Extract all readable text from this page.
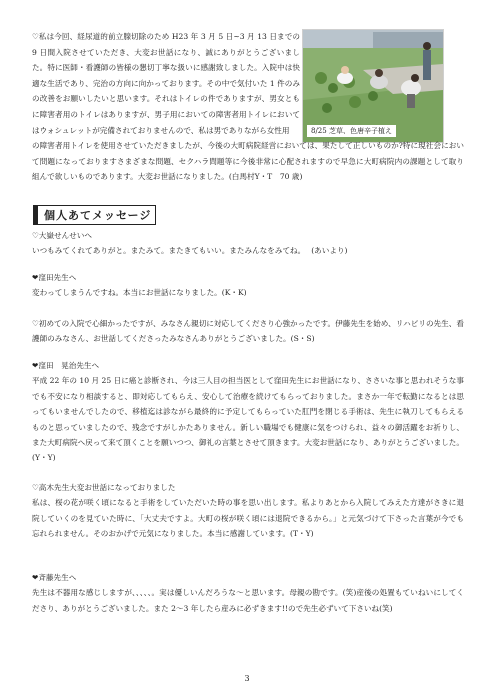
♡私は今回、経尿道的前立腺切除のため H23 年 3 月 5 日~3 月 13 日までの 9 日間入院させていただき、大変お世話になり、誠にありがとうございました。特に医師・看護師の皆様の懇切丁寧な扱いに感謝致しました。入院中は快適な生活であり、完治の方向に向かっております。その中で気付いた 1 件のみの改善をお願いしたいと思います。それはトイレの件でありますが、男女ともに障害者用のトイレはありますが、男子用においての障害者用トイレにおいてはウォシュレットが完備されておりませんので、私は男でありながら女性用	8/25 芝草、色唐辛子植え
の障害者用トイレを使用させていただきましたが、今後の大町病院経営においては、果たして正しいものか?特に現社会において問題になっておりますさまざまな問題、セクハラ問題等に今後非常に心配されますので早急に大町病院内の課題として取り組んで欲しいものであります。大変お世話になりました。(白馬村Y・T　70 歳)
個人あてメッセージ

♡大嶽せんせいへ

いつもみてくれてありがと。またみて。またきてもいい。またみんなをみてね。 (あいより)

❤窪田先生へ

変わってしまうんですね。本当にお世話になりました。(K・K)

♡初めての入院で心細かったですが、みなさん親切に対応してくださり心強かったです。伊藤先生を始め、リハビリの先生、看護師のみなさん、お世話してくださったみなさんありがとうございました。(S・S)

❤窪田　晃治先生へ

平成 22 年の 10 月 25 日に癌と診断され、今は三人目の担当医として窪田先生にお世話になり、ささいな事と思われそうな事でも不安になり相談すると、即対応してもらえ、安心して治療を続けてもらっておりました。まさか一年で転勤になるとは思ってもいませんでしたので、移植迄は診ながら最終的に予定してもらっていた肛門を閉じる手術は、先生に執刀してもらえるものと思っていましたので、残念ですがしかたありません。新しい職場でも健康に気をつけられ、益々の御活躍をお祈りし、また大町病院へ戻って来て頂くことを願いつつ、御礼の言葉とさせて頂きます。大変お世話になり、ありがとうございました。(Y・Y)

♡高木先生大変お世話になっておりました

私は、桜の花が咲く頃になると手術をしていただいた時の事を思い出します。私よりあとから入院してみえた方達がさきに退院していくのを見ていた時に、「大丈夫ですよ。大町の桜が咲く頃には退院できるから。」と元気づけて下さった言葉が今でも忘れられません。そのおかげで元気になりました。本当に感謝しています。(T・Y)

❤斉藤先生へ

先生は不器用な感じしますが、、、、、。実は優しいんだろうな～と思います。母親の勘です。(笑)産後の処置もていねいにしてくださり、ありがとうございました。また 2～3 年したら産みに必ずきます!!ので先生必ずいて下さいね(笑)

3
